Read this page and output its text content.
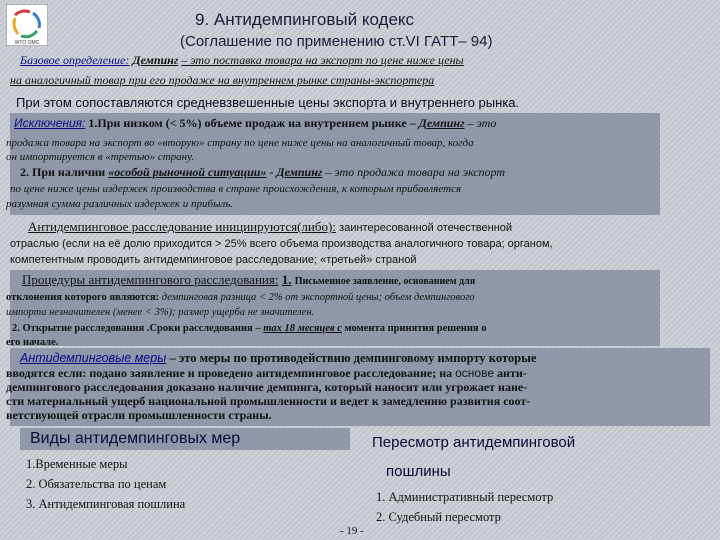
WTO OMC
9. Антидемпинговый кодекс
(Соглашение по применению ст.VI ГАТТ– 94)
Базовое определение: Демпинг – это поставка товара на экспорт по цене ниже цены
на аналогичный товар при его продаже на внутреннем рынке страны-экспортера
При этом сопоставляются средневзвешенные цены экспорта и внутреннего рынка.
Исключения: 1.При низком (< 5%) объеме продаж на внутреннем рынке – Демпинг – это
продажа товара на экспорт во «вторую» страну по цене ниже цены на аналогичный товар, когда
он импортируется в «третью» страну.
2. При наличии «особой рыночной ситуации» - Демпинг – это продажа товара на экспорт
по цене ниже цены издержек производства в стране происхождения, к которым прибавляется
разумная сумма различных издержек и прибыль.
Антидемпинговое расследование инициируются(либо): заинтересованной отечественной
отраслью (если на её долю приходится > 25% всего объема производства аналогичного товара; органом,
компетентным проводить антидемпинговое расследование; «третьей» страной
Процедуры антидемпингового расследования: 1. Письменное заявление, основанием для
отклонения которого являются: демпинговая разница < 2% от экспортной цены; объем демпингового
импорта незначителен (менее < 3%); размер ущерба не значителен.
2. Открытие расследования .Сроки расследования – max 18 месяцев с момента принятия решения о
его начале.
Антидемпинговые меры – это меры по противодействию демпинговому импорту которые
вводятся если: подано заявление и проведено антидемпинговое расследование; на основе анти-
демпингового расследования доказано наличие демпинга, который наносит или угрожает нане-
сти материальный ущерб национальной промышленности и ведет к замедлению развития соот-
ветствующей отрасли промышленности страны.
Виды антидемпинговых мер
1.Временные меры
2. Обязательства по ценам
3. Антидемпинговая пошлина
Пересмотр антидемпинговой
пошлины
1. Административный пересмотр
2. Судебный пересмотр
- 19 -
